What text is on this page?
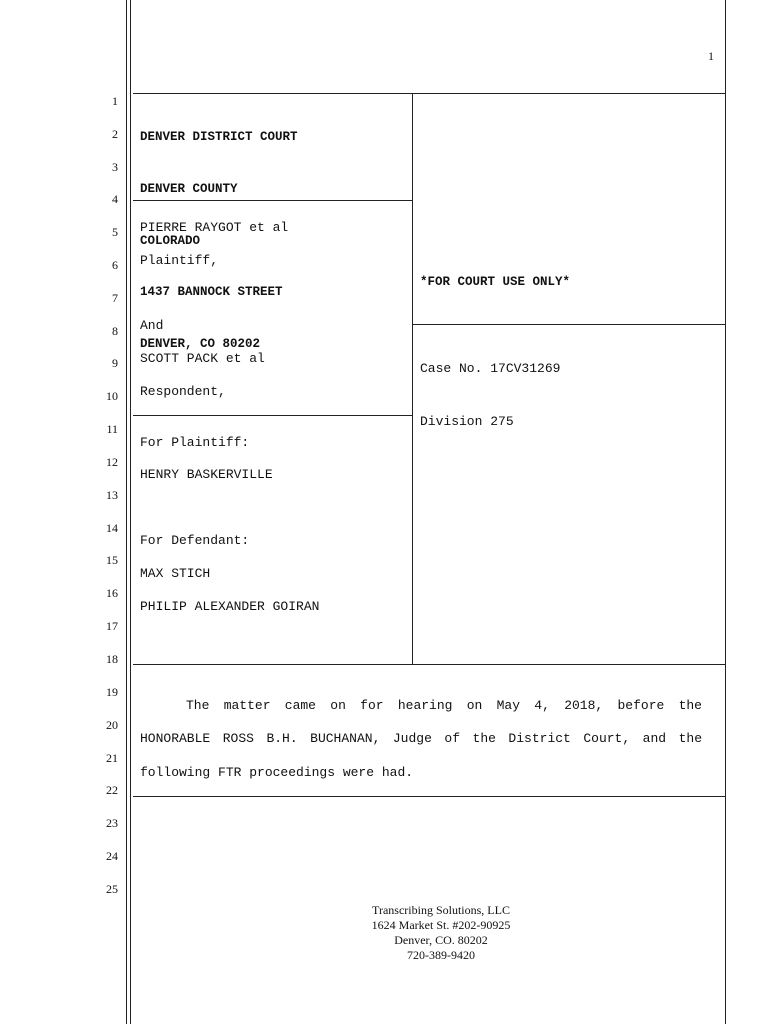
1
1
2
3
4
5
6
7
8
9
10
11
12
13
14
15
16
17
18
19
20
21
22
23
24
25

DENVER DISTRICT COURT

DENVER COUNTY

COLORADO

1437 BANNOCK STREET

DENVER, CO 80202

PIERRE RAYGOT et al
Plaintiff,
And
SCOTT PACK et al
Respondent,
For Plaintiff:
HENRY BASKERVILLE
For Defendant:
MAX STICH
PHILIP ALEXANDER GOIRAN
*FOR COURT USE ONLY*

Case No. 17CV31269

Division 275

The matter came on for hearing on May 4, 2018, before the HONORABLE ROSS B.H. BUCHANAN, Judge of the District Court, and the following FTR proceedings were had.
Transcribing Solutions, LLC
1624 Market St. #202-90925
Denver, CO. 80202
720-389-9420
